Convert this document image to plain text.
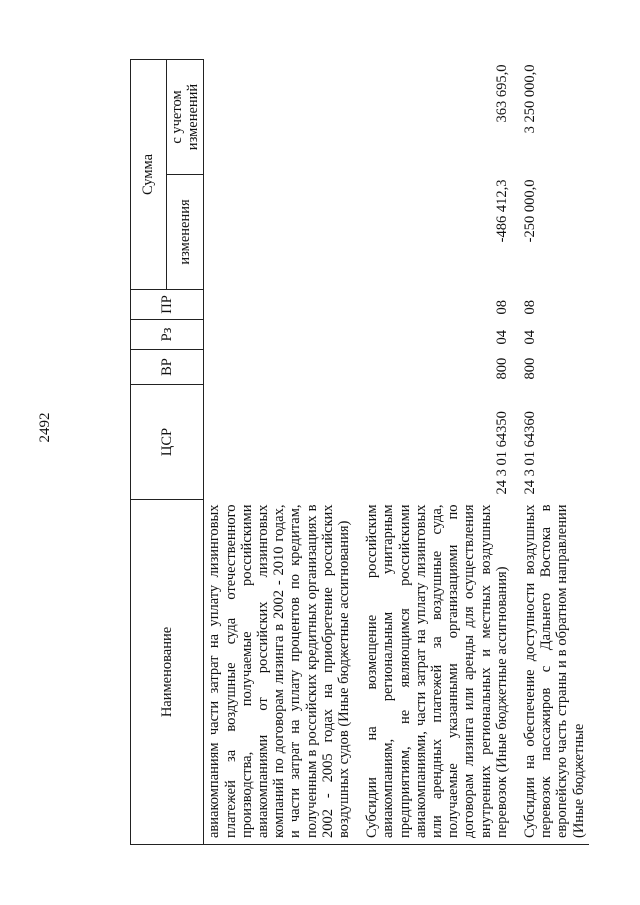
2492
Наименование	ЦСР	ВР	Рз	ПР	Сумма	
					изменения	с учетом изменений
авиакомпаниям части затрат на уплату лизинговых платежей за воздушные суда отечественного производства, получаемые российскими авиакомпаниями от российских лизинговых компаний по договорам лизинга в 2002 - 2010 годах, и части затрат на уплату процентов по кредитам, полученным в российских кредитных организациях в 2002 - 2005 годах на приобретение российских воздушных судов (Иные бюджетные ассигнования)						

Субсидии на возмещение российским авиакомпаниям, региональным унитарным предприятиям, не являющимся российскими авиакомпаниями, части затрат на уплату лизинговых или арендных платежей за воздушные суда, получаемые указанными организациями по договорам лизинга или аренды для осуществления внутренних региональных и местных воздушных перевозок (Иные бюджетные ассигнования)	24 3 01 64350	800	04	08	-486 412,3	363 695,0

Субсидии на обеспечение доступности воздушных перевозок пассажиров с Дальнего Востока в европейскую часть страны и в обратном направлении (Иные бюджетные	24 3 01 64360	800	04	08	-250 000,0	3 250 000,0
